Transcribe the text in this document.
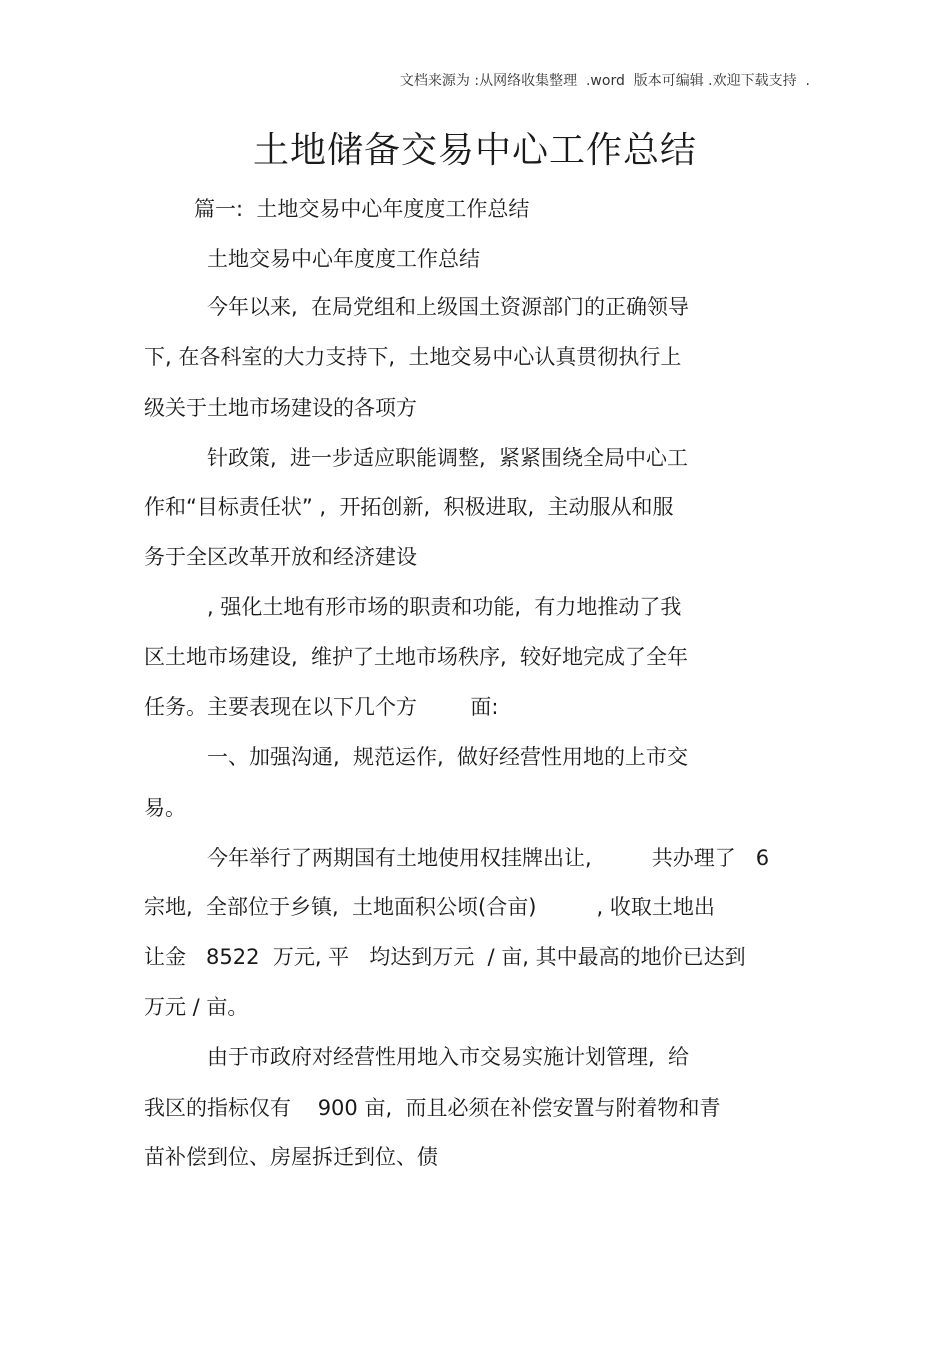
文档来源为 :从网络收集整理  .word  版本可编辑 .欢迎下载支持  .
土地储备交易中心工作总结
篇一:  土地交易中心年度度工作总结
土地交易中心年度度工作总结
今年以来,  在局党组和上级国土资源部门的正确领导
下, 在各科室的大力支持下,  土地交易中心认真贯彻执行上
级关于土地市场建设的各项方
针政策,  进一步适应职能调整,  紧紧围绕全局中心工
作和“目标责任状” ,  开拓创新,  积极进取,  主动服从和服
务于全区改革开放和经济建设
, 强化土地有形市场的职责和功能,  有力地推动了我
区土地市场建设,  维护了土地市场秩序,  较好地完成了全年
任务。主要表现在以下几个方        面:
一、加强沟通,  规范运作,  做好经营性用地的上市交
易。
今年举行了两期国有土地使用权挂牌出让,         共办理了   6
宗地,  全部位于乡镇,  土地面积公顷(合亩)         , 收取土地出
让金   8522  万元, 平   均达到万元  / 亩, 其中最高的地价已达到
万元 / 亩。
由于市政府对经营性用地入市交易实施计划管理,  给
我区的指标仅有    900 亩,  而且必须在补偿安置与附着物和青
苗补偿到位、房屋拆迁到位、债
